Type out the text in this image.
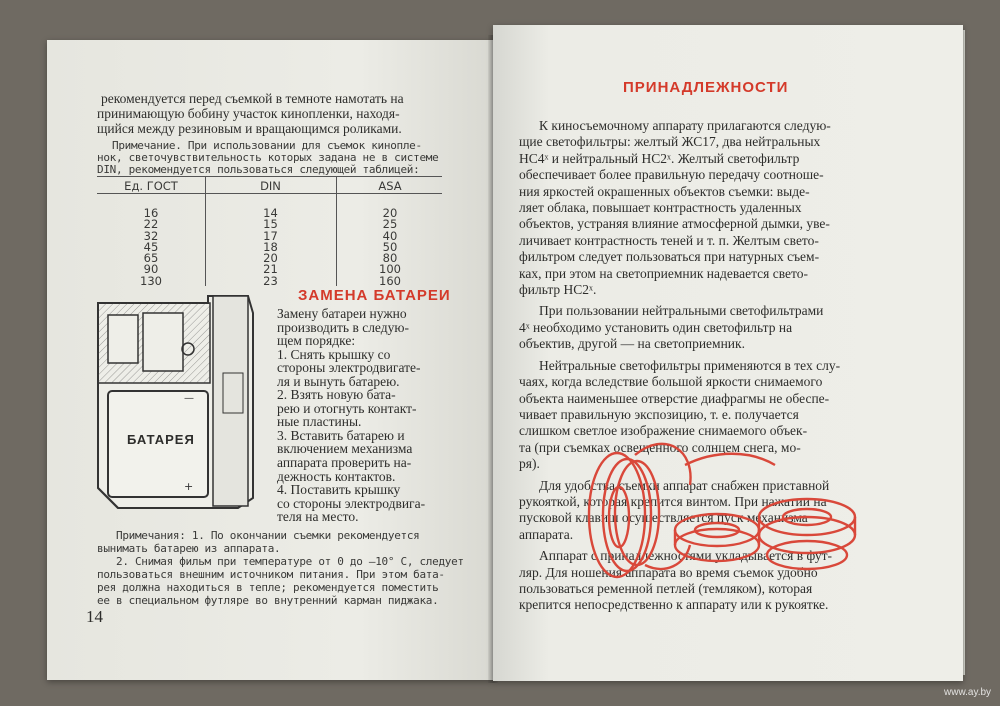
рекомендуется перед съемкой в темноте намотать на
принимающую бобину участок кинопленки, находя-
щийся между резиновым и вращающимся роликами.
Примечание. При использовании для съемок кинопле-
нок, светочувствительность которых задана не в системе
DIN, рекомендуется пользоваться следующей таблицей:
Ед. ГОСТ	DIN	ASA
16
22
32
45
65
90
130
14
15
17
18
20
21
23
20
25
40
50
80
100
160
—
+
БАТАРЕЯ
ЗАМЕНА БАТАРЕИ
Замену батареи нужно
производить в следую-
щем порядке:
1. Снять крышку со
стороны электродвигате-
ля и вынуть батарею.
2. Взять новую бата-
рею и отогнуть контакт-
ные пластины.
3. Вставить батарею и
включением механизма
аппарата проверить на-
дежность контактов.
4. Поставить крышку
со стороны электродвига-
теля на место.
Примечания: 1. По окончании съемки рекомендуется
вынимать батарею из аппарата.
2. Снимая фильм при температуре от 0 до —10° С, следует
пользоваться внешним источником питания. При этом бата-
рея должна находиться в тепле; рекомендуется поместить
ее в специальном футляре во внутренний карман пиджака.
14
ПРИНАДЛЕЖНОСТИ
К киносъемочному аппарату прилагаются следую-
щие светофильтры: желтый ЖС17, два нейтральных
НС4ˣ и нейтральный НС2ˣ. Желтый светофильтр
обеспечивает более правильную передачу соотноше-
ния яркостей окрашенных объектов съемки: выде-
ляет облака, повышает контрастность удаленных
объектов, устраняя влияние атмосферной дымки, уве-
личивает контрастность теней и т. п. Желтым свето-
фильтром следует пользоваться при натурных съем-
ках, при этом на светоприемник надевается свето-
фильтр НС2ˣ.
При пользовании нейтральными светофильтрами
4ˣ необходимо установить один светофильтр на
объектив, другой — на светоприемник.
Нейтральные светофильтры применяются в тех слу-
чаях, когда вследствие большой яркости снимаемого
объекта наименьшее отверстие диафрагмы не обеспе-
чивает правильную экспозицию, т. е. получается
слишком светлое изображение снимаемого объек-
та (при съемках освещенного солнцем снега, мо-
ря).
Для удобства съемки аппарат снабжен приставной
рукояткой, которая крепится винтом. При нажатии на
пусковой клавиш осуществляется пуск механизма
аппарата.
Аппарат с принадлежностями укладывается в фут-
ляр. Для ношения аппарата во время съемок удобно
пользоваться ременной петлей (темляком), которая
крепится непосредственно к аппарату или к рукоятке.
www.ay.by
